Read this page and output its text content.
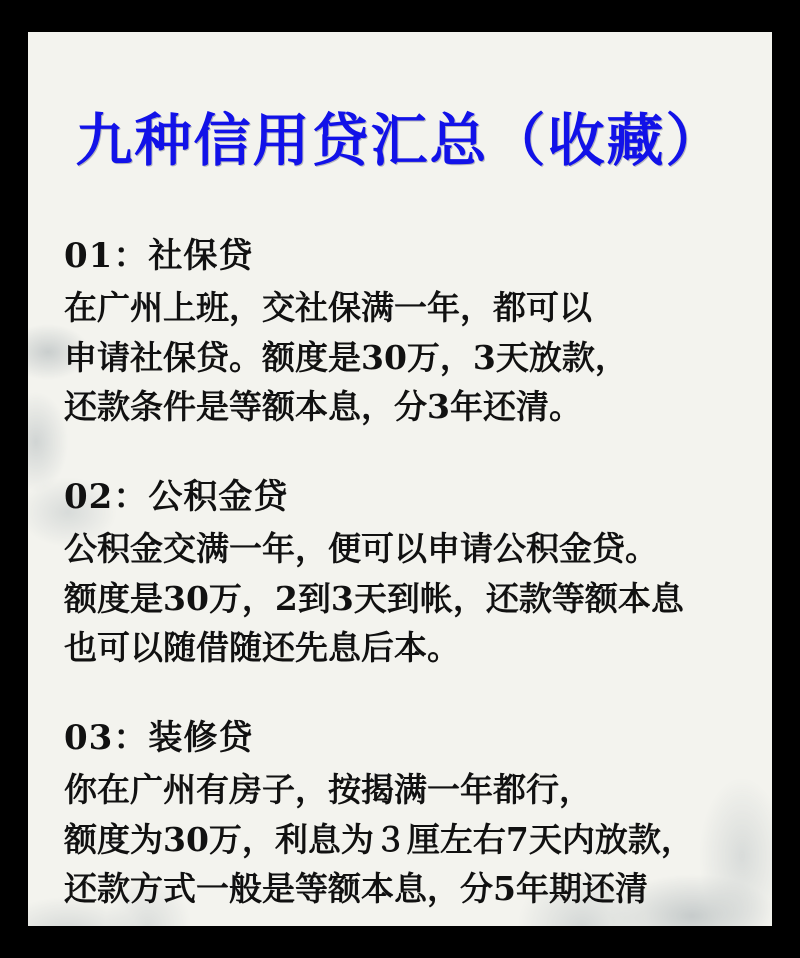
九种信用贷汇总（收藏）
01：社保贷
在广州上班，交社保满一年，都可以
申请社保贷。额度是30万，3天放款，
还款条件是等额本息，分3年还清。
02：公积金贷
公积金交满一年，便可以申请公积金贷。
额度是30万，2到3天到帐，还款等额本息
也可以随借随还先息后本。
03：装修贷
你在广州有房子，按揭满一年都行，
额度为30万，利息为３厘左右7天内放款，
还款方式一般是等额本息，分5年期还清
